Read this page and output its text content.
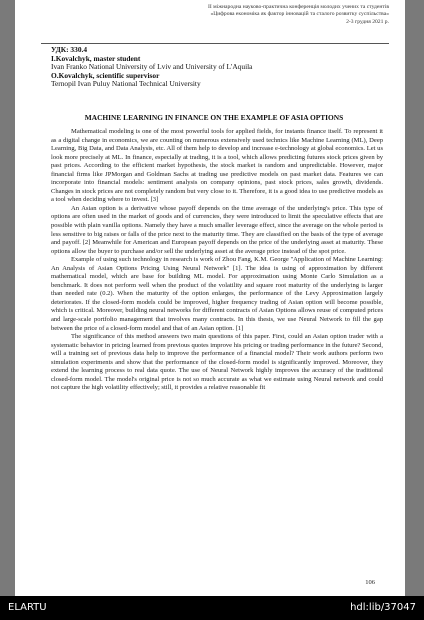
ІІ міжнародна науково-практична конференція молодих учених та студентів
«Цифрова економіка як фактор інновацій та сталого розвитку суспільства»
2-3 грудня 2021 р.
УДК: 330.4
I.Kovalchyk, master student
Ivan Franko National University of Lviv and University of L'Aquila
O.Kovalchyk, scientific supervisor
Ternopil Ivan Puluy National Technical University
MACHINE LEARNING IN FINANCE ON THE EXAMPLE OF ASIA OPTIONS

Mathematical modeling is one of the most powerful tools for applied fields, for instants finance itself. To represent it as a digital change in economics, we are counting on numerous extensively used technics like Machine Learning (ML), Deep Learning, Big Data, and Data Analysis, etc. All of them help to develop and increase e-technology at global economics. Let us look more precisely at ML. In finance, especially at trading, it is a tool, which allows predicting futures stock prices given by past prices. According to the efficient market hypothesis, the stock market is random and unpredictable. However, major financial firms like JPMorgan and Goldman Sachs at trading use predictive models on past market data. Features we can incorporate into financial models: sentiment analysis on company opinions, past stock prices, sales growth, dividends. Changes in stock prices are not completely random but very close to it. Therefore, it is a good idea to use predictive models as a tool when deciding where to invest. [3]

An Asian option is a derivative whose payoff depends on the time average of the underlying's price. This type of options are often used in the market of goods and of currencies, they were introduced to limit the speculative effects that are possible with plain vanilla options. Namely they have a much smaller leverage effect, since the average on the whole period is less sensitive to big raises or falls of the price next to the maturity time. They are classified on the basis of the type of average and payoff. [2] Meanwhile for American and European payoff depends on the price of the underlying asset at maturity. These options allow the buyer to purchase and/or sell the underlying asset at the average price instead of the spot price.

Example of using such technology in research is work of Zhou Fang, K.M. George "Application of Machine Learning: An Analysis of Asian Options Pricing Using Neural Network" [1]. The idea is using of approximation by different mathematical model, which are base for building ML model. For approximation using Monte Carlo Simulation as a benchmark. It does not perform well when the product of the volatility and square root maturity of the underlying is larger than needed rate (0.2). When the maturity of the option enlarges, the performance of the Levy Approximation largely deteriorates. If the closed-form models could be improved, higher frequency trading of Asian option will become possible, which is critical. Moreover, building neural networks for different contracts of Asian Options allows reuse of computed prices and large-scale portfolio management that involves many contracts. In this thesis, we use Neural Network to fill the gap between the price of a closed-form model and that of an Asian option. [1]

The significance of this method answers two main questions of this paper. First, could an Asian option trader with a systematic behavior in pricing learned from previous quotes improve his pricing or trading performance in the future? Second, will a training set of previous data help to improve the performance of a financial model? Their work authors perform two simulation experiments and show that the performance of the closed-form model is significantly improved. Moreover, they extend the learning process to real data quote. The use of Neural Network highly improves the accuracy of the traditional closed-form model. The model's original price is not so much accurate as what we estimate using Neural network and could not capture the high volatility effectively; still, it provides a relative reasonable fit

106
ELARTU	hdl:lib/37047
